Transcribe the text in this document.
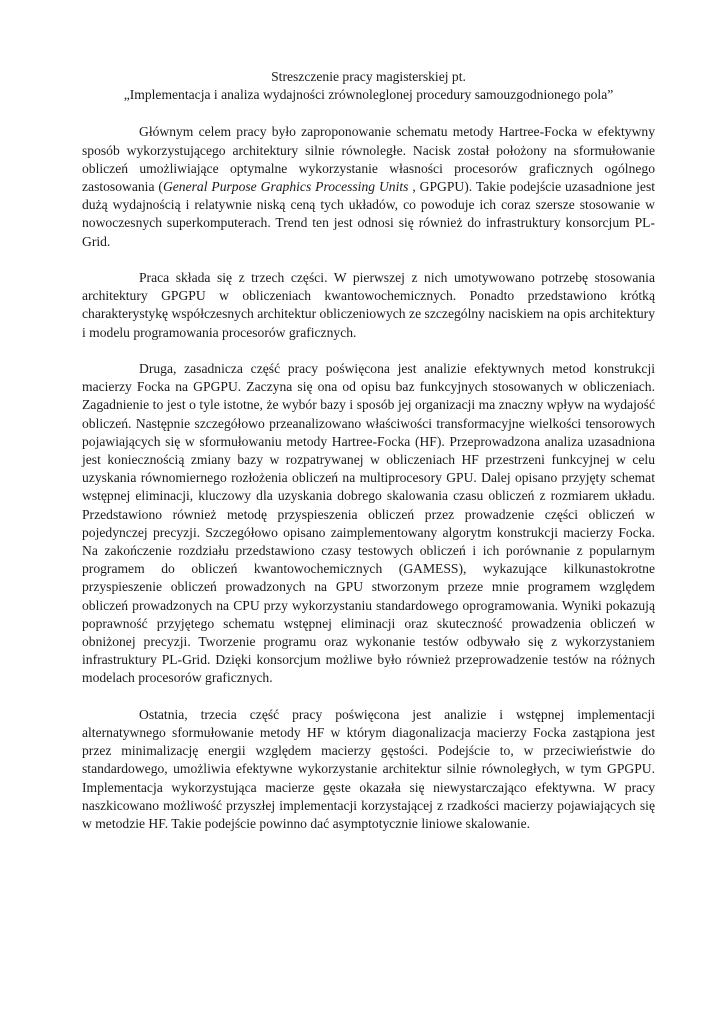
Streszczenie pracy magisterskiej pt.
„Implementacja i analiza wydajności zrównoleglonej procedury samouzgodnionego pola”

Głównym celem pracy było zaproponowanie schematu metody Hartree-Focka w efektywny sposób wykorzystującego architektury silnie równoległe. Nacisk został położony na sformułowanie obliczeń umożliwiające optymalne wykorzystanie własności procesorów graficznych ogólnego zastosowania (General Purpose Graphics Processing Units , GPGPU). Takie podejście uzasadnione jest dużą wydajnością i relatywnie niską ceną tych układów, co powoduje ich coraz szersze stosowanie w nowoczesnych superkomputerach. Trend ten jest odnosi się również do infrastruktury konsorcjum PL-Grid.

Praca składa się z trzech części. W pierwszej z nich umotywowano potrzebę stosowania architektury GPGPU w obliczeniach kwantowochemicznych. Ponadto przedstawiono krótką charakterystykę współczesnych architektur obliczeniowych ze szczególny naciskiem na opis architektury i modelu programowania procesorów graficznych.

Druga, zasadnicza część pracy poświęcona jest analizie efektywnych metod konstrukcji macierzy Focka na GPGPU. Zaczyna się ona od opisu baz funkcyjnych stosowanych w obliczeniach. Zagadnienie to jest o tyle istotne, że wybór bazy i sposób jej organizacji ma znaczny wpływ na wydajość obliczeń. Następnie szczegółowo przeanalizowano właściwości transformacyjne wielkości tensorowych pojawiających się w sformułowaniu metody Hartree-Focka (HF). Przeprowadzona analiza uzasadniona jest koniecznością zmiany bazy w rozpatrywanej w obliczeniach HF przestrzeni funkcyjnej w celu uzyskania równomiernego rozłożenia obliczeń na multiprocesory GPU. Dalej opisano przyjęty schemat wstępnej eliminacji, kluczowy dla uzyskania dobrego skalowania czasu obliczeń z rozmiarem układu. Przedstawiono również metodę przyspieszenia obliczeń przez prowadzenie części obliczeń w pojedynczej precyzji. Szczegółowo opisano zaimplementowany algorytm konstrukcji macierzy Focka. Na zakończenie rozdziału przedstawiono czasy testowych obliczeń i ich porównanie z popularnym programem do obliczeń kwantowochemicznych (GAMESS), wykazujące kilkunastokrotne przyspieszenie obliczeń prowadzonych na GPU stworzonym przeze mnie programem względem obliczeń prowadzonych na CPU przy wykorzystaniu standardowego oprogramowania. Wyniki pokazują poprawność przyjętego schematu wstępnej eliminacji oraz skuteczność prowadzenia obliczeń w obniżonej precyzji. Tworzenie programu oraz wykonanie testów odbywało się z wykorzystaniem infrastruktury PL-Grid. Dzięki konsorcjum możliwe było również przeprowadzenie testów na różnych modelach procesorów graficznych.

Ostatnia, trzecia część pracy poświęcona jest analizie i wstępnej implementacji alternatywnego sformułowanie metody HF w którym diagonalizacja macierzy Focka zastąpiona jest przez minimalizację energii względem macierzy gęstości. Podejście to, w przeciwieństwie do standardowego, umożliwia efektywne wykorzystanie architektur silnie równoległych, w tym GPGPU. Implementacja wykorzystująca macierze gęste okazała się niewystarczająco efektywna. W pracy naszkicowano możliwość przyszłej implementacji korzystającej z rzadkości macierzy pojawiających się w metodzie HF. Takie podejście powinno dać asymptotycznie liniowe skalowanie.
